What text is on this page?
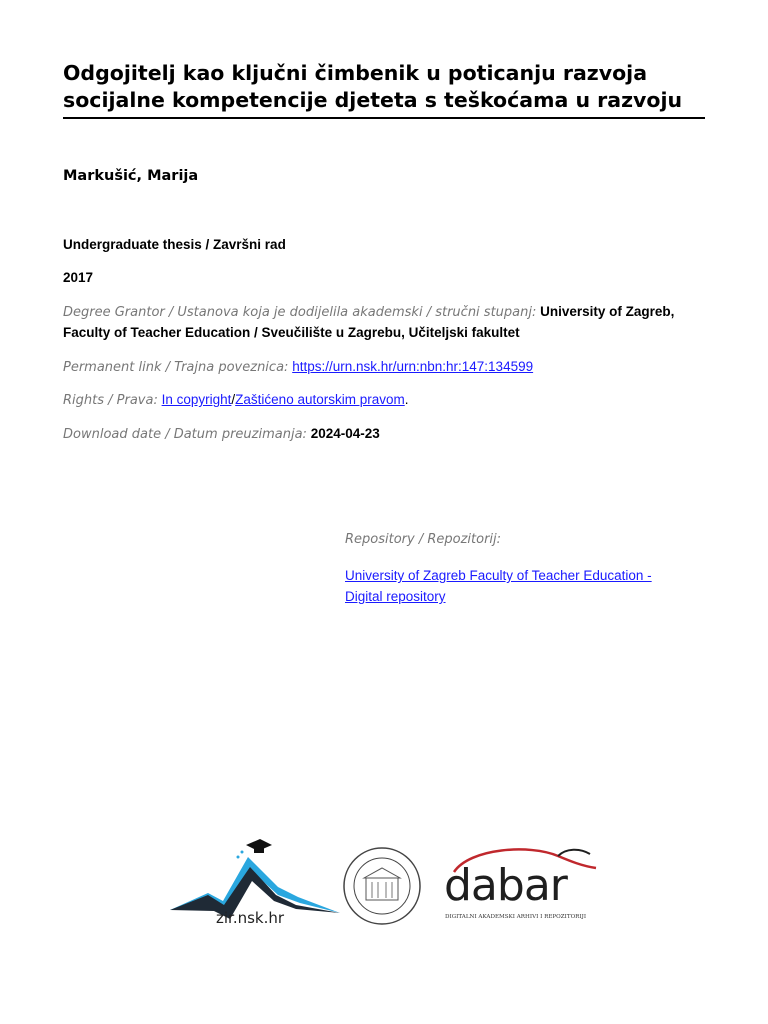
Odgojitelj kao ključni čimbenik u poticanju razvoja socijalne kompetencije djeteta s teškoćama u razvoju
Markušić, Marija
Undergraduate thesis / Završni rad
2017
Degree Grantor / Ustanova koja je dodijelila akademski / stručni stupanj: University of Zagreb, Faculty of Teacher Education / Sveučilište u Zagrebu, Učiteljski fakultet
Permanent link / Trajna poveznica: https://urn.nsk.hr/urn:nbn:hr:147:134599
Rights / Prava: In copyright/Zaštićeno autorskim pravom.
Download date / Datum preuzimanja: 2024-04-23
Repository / Repozitorij:
University of Zagreb Faculty of Teacher Education -
Digital repository
zir.nsk.hr
dabar
DIGITALNI AKADEMSKI ARHIVI I REPOZITORIJI
